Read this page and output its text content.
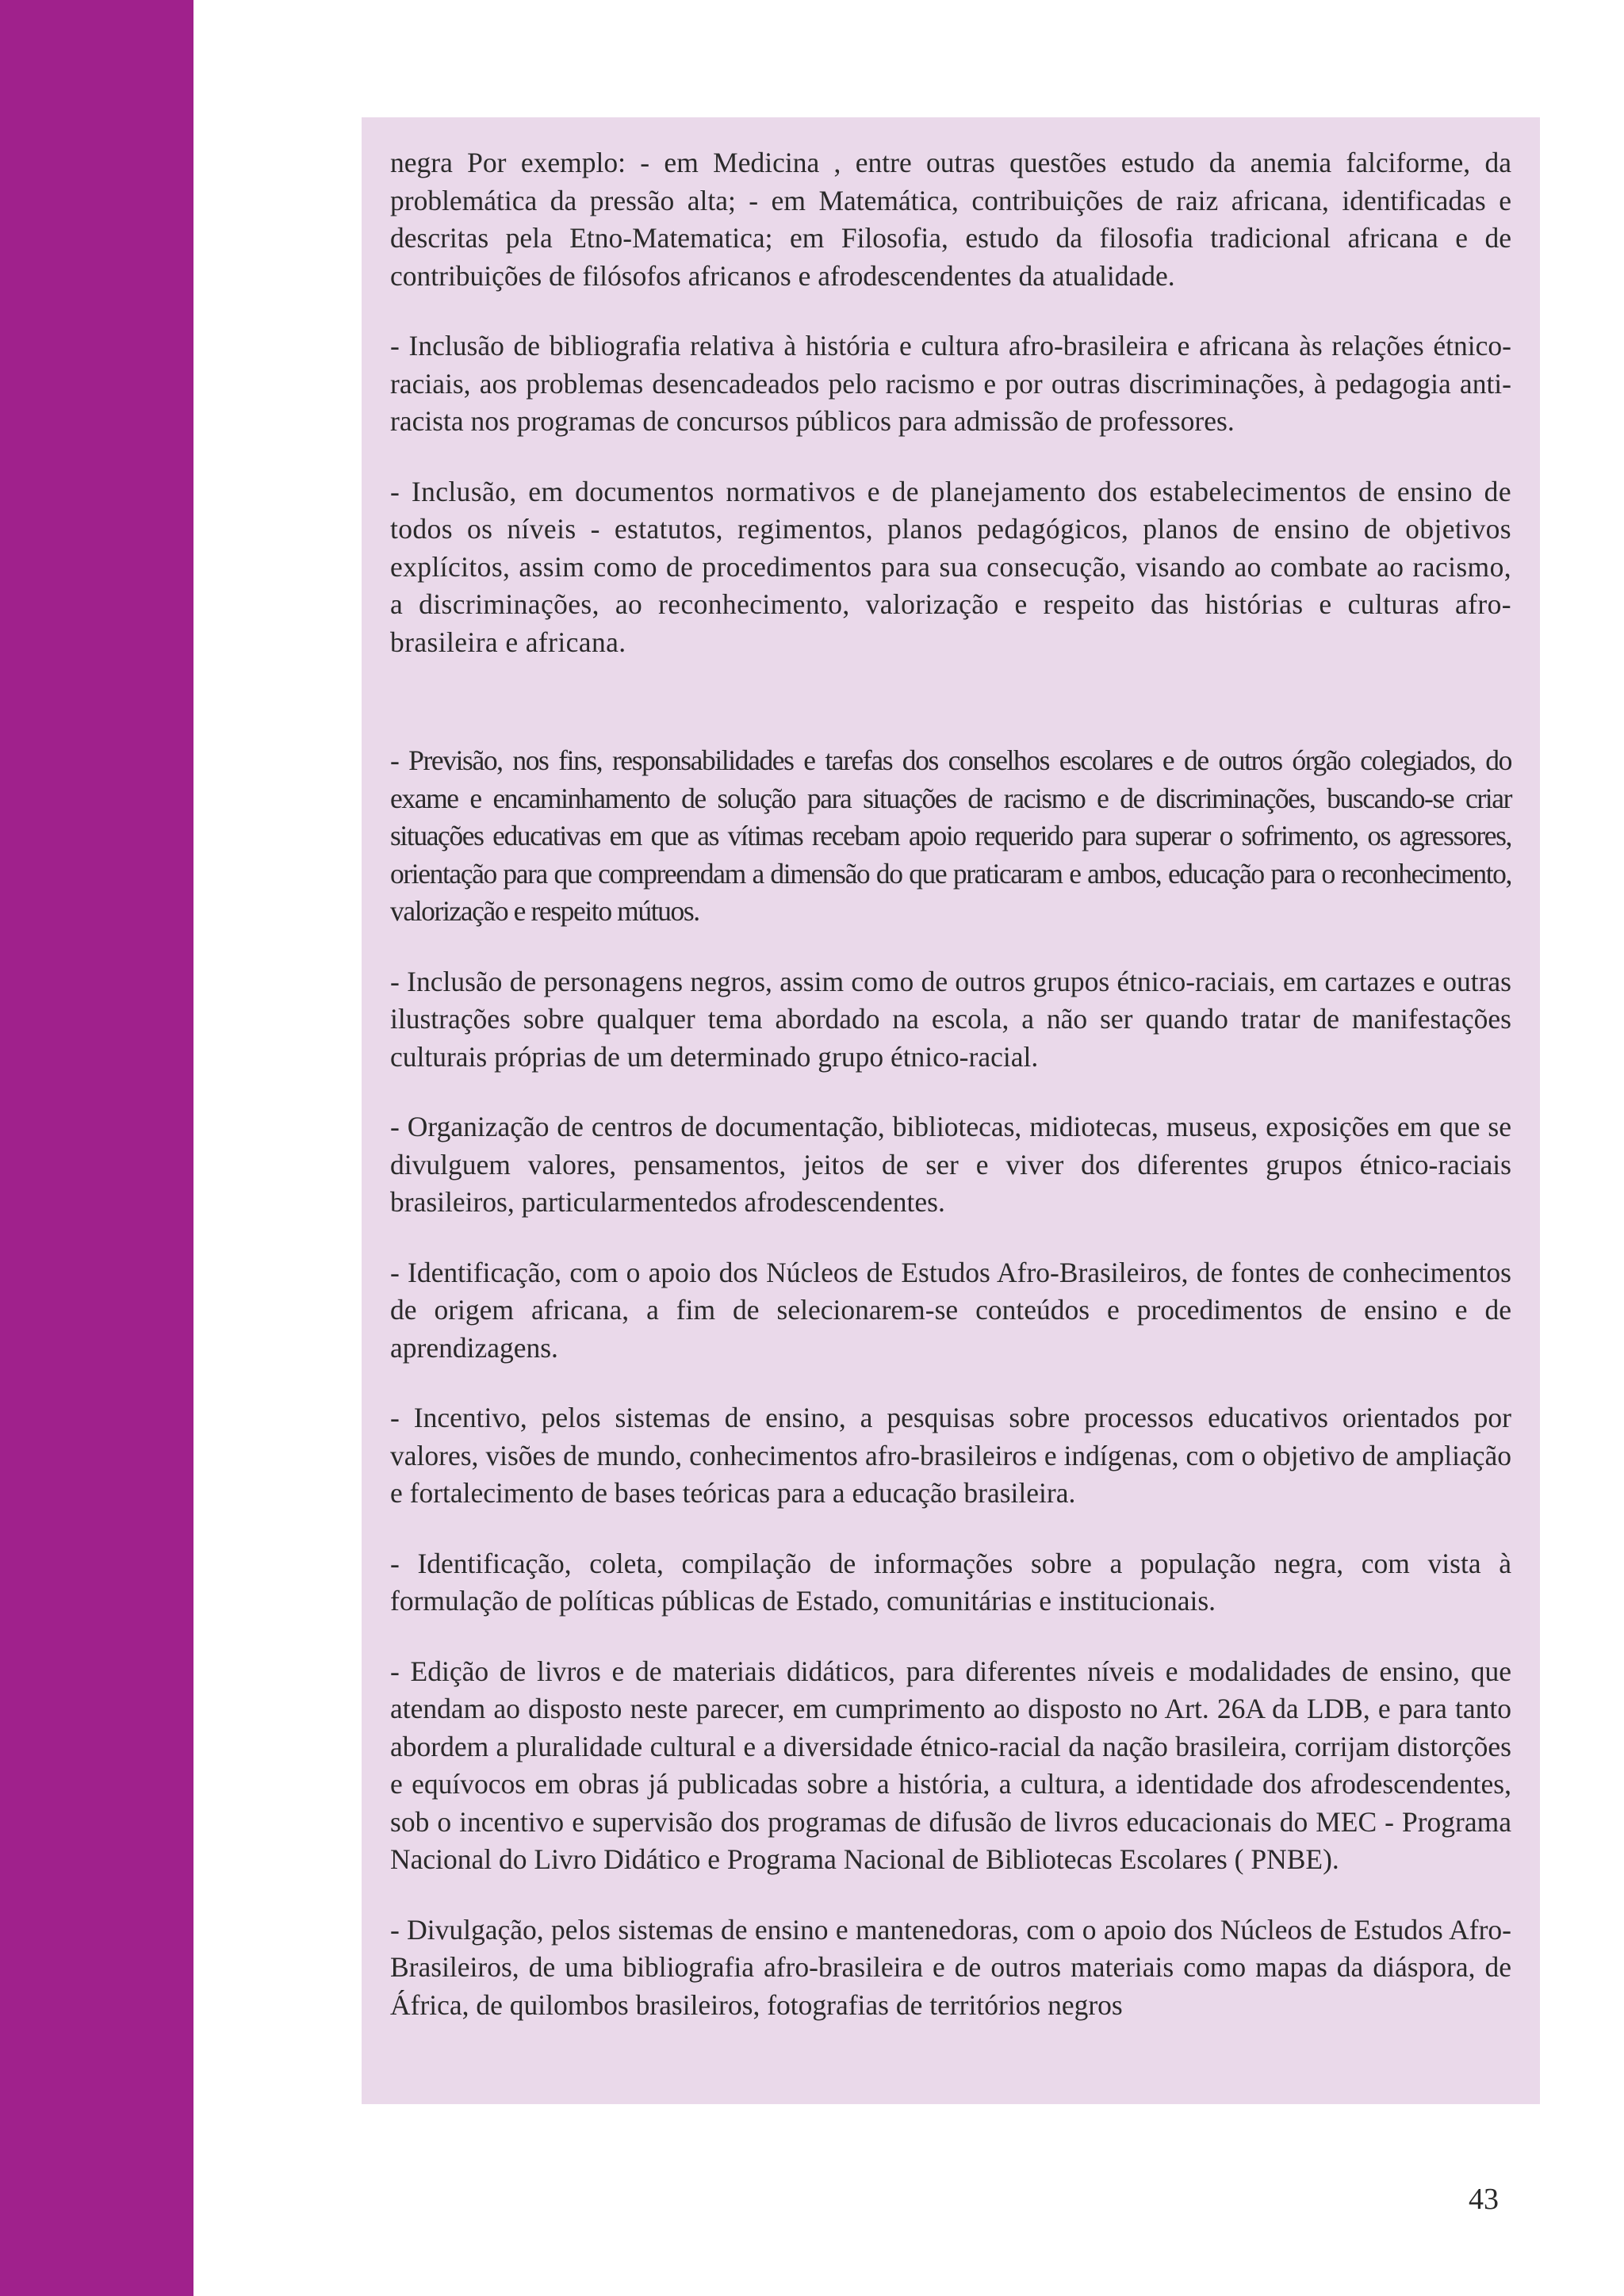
negra Por exemplo: - em Medicina , entre outras questões estudo da anemia falciforme, da problemática da pressão alta; - em Matemática, contribuições de raiz africana, identificadas e descritas pela Etno-Matematica; em Filosofia, estudo da filosofia tradicional africana e de contribuições de filósofos africanos e afrodescendentes da atualidade.

- Inclusão de bibliografia relativa à história e cultura afro-brasileira e africana às relações étnico-raciais, aos problemas desencadeados pelo racismo e por outras discriminações, à pedagogia anti-racista nos programas de concursos públicos para admissão de professores.

- Inclusão, em documentos normativos e de planejamento dos estabelecimentos de ensino de todos os níveis - estatutos, regimentos, planos pedagógicos, planos de ensino de objetivos explícitos, assim como de procedimentos para sua consecução, visando ao combate ao racismo, a discriminações, ao reconhecimento, valorização e respeito das histórias e culturas afro-brasileira e africana.

- Previsão, nos fins, responsabilidades e tarefas dos conselhos escolares e de outros órgão colegiados, do exame e encaminhamento de solução para situações de racismo e de discriminações, buscando-se criar situações educativas em que as vítimas recebam apoio requerido para superar o sofrimento, os agressores, orientação para que compreendam a dimensão do que praticaram e ambos, educação para o reconhecimento, valorização e respeito mútuos.

- Inclusão de personagens negros, assim como de outros grupos étnico-raciais, em cartazes e outras ilustrações sobre qualquer tema abordado na escola, a não ser quando tratar de manifestações culturais próprias de um determinado grupo étnico-racial.

- Organização de centros de documentação, bibliotecas, midiotecas, museus, exposições em que se divulguem valores, pensamentos, jeitos de ser e viver dos diferentes grupos étnico-raciais brasileiros, particularmentedos afrodescendentes.

- Identificação, com o apoio dos Núcleos de Estudos Afro-Brasileiros, de fontes de conhecimentos de origem africana, a fim de selecionarem-se conteúdos e procedimentos de ensino e de aprendizagens.

- Incentivo, pelos sistemas de ensino, a pesquisas sobre processos educativos orientados por valores, visões de mundo, conhecimentos afro-brasileiros e indígenas, com o objetivo de ampliação e fortalecimento de bases teóricas para a educação brasileira.

- Identificação, coleta, compilação de informações sobre a população negra, com vista à formulação de políticas públicas de Estado, comunitárias e institucionais.

- Edição de livros e de materiais didáticos, para diferentes níveis e modalidades de ensino, que atendam ao disposto neste parecer, em cumprimento ao disposto no Art. 26A da LDB, e para tanto abordem a pluralidade cultural e a diversidade étnico-racial da nação brasileira, corrijam distorções e equívocos em obras já publicadas sobre a história, a cultura, a identidade dos afrodescendentes, sob o incentivo e supervisão dos programas de difusão de livros educacionais do MEC - Programa Nacional do Livro Didático e Programa Nacional de Bibliotecas Escolares ( PNBE).

- Divulgação, pelos sistemas de ensino e mantenedoras, com o apoio dos Núcleos de Estudos Afro-Brasileiros, de uma bibliografia afro-brasileira e de outros materiais como mapas da diáspora, de África, de quilombos brasileiros, fotografias de territórios negros

43
